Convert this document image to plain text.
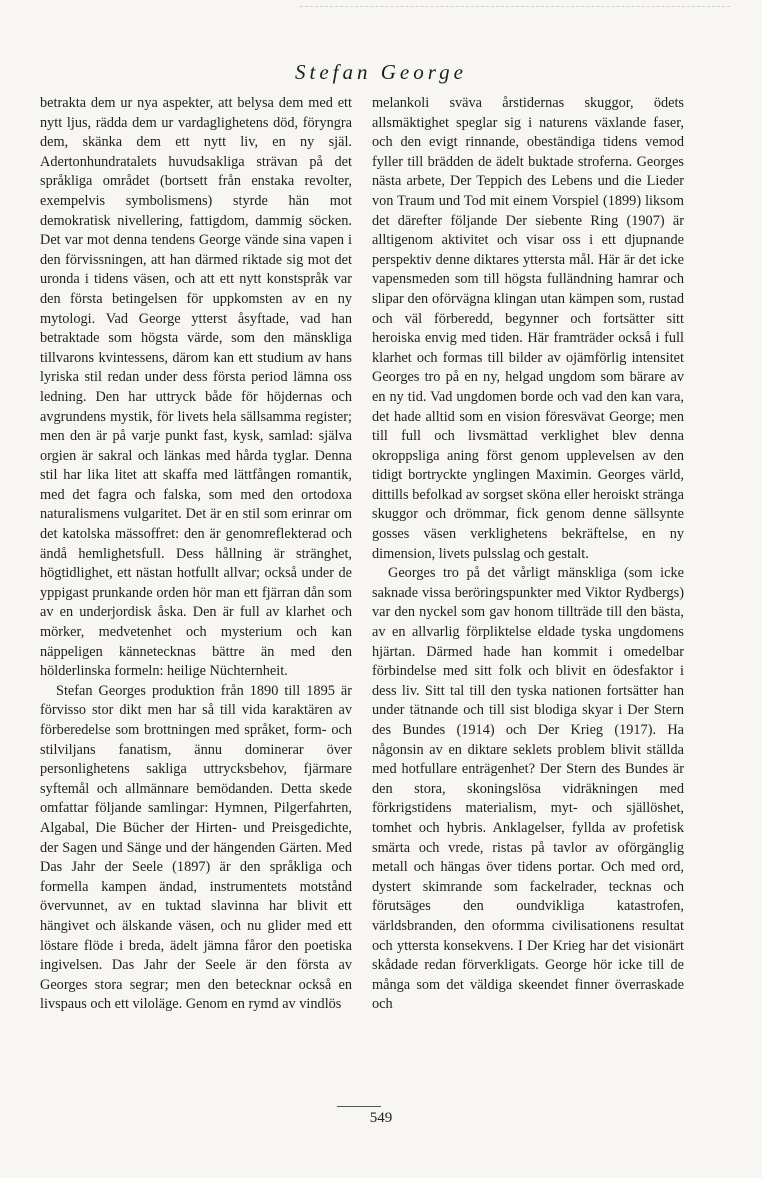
Stefan George

betrakta dem ur nya aspekter, att belysa dem med ett nytt ljus, rädda dem ur vardaglighetens död, föryngra dem, skänka dem ett nytt liv, en ny själ. Adertonhundratalets huvudsakliga strävan på det språkliga området (bortsett från enstaka revolter, exempelvis symbolismens) styrde hän mot demokratisk nivellering, fattigdom, dammig söcken. Det var mot denna tendens George vände sina vapen i den förvissningen, att han därmed riktade sig mot det uronda i tidens väsen, och att ett nytt konstspråk var den första betingelsen för uppkomsten av en ny mytologi. Vad George ytterst åsyftade, vad han betraktade som högsta värde, som den mänskliga tillvarons kvintessens, därom kan ett studium av hans lyriska stil redan under dess första period lämna oss ledning. Den har uttryck både för höjdernas och avgrundens mystik, för livets hela sällsamma register; men den är på varje punkt fast, kysk, samlad: själva orgien är sakral och länkas med hårda tyglar. Denna stil har lika litet att skaffa med lättfången romantik, med det fagra och falska, som med den ortodoxa naturalismens vulgaritet. Det är en stil som erinrar om det katolska mässoffret: den är genomreflekterad och ändå hemlighetsfull. Dess hållning är stränghet, högtidlighet, ett nästan hotfullt allvar; också under de yppigast prunkande orden hör man ett fjärran dån som av en underjordisk åska. Den är full av klarhet och mörker, medvetenhet och mysterium och kan näppeligen kännetecknas bättre än med den hölderlinska formeln: heilige Nüchternheit.

Stefan Georges produktion från 1890 till 1895 är förvisso stor dikt men har så till vida karaktären av förberedelse som brottningen med språket, form- och stilviljans fanatism, ännu dominerar över personlighetens sakliga uttrycksbehov, fjärmare syftemål och allmännare bemödanden. Detta skede omfattar följande samlingar: Hymnen, Pilgerfahrten, Algabal, Die Bücher der Hirten- und Preisgedichte, der Sagen und Sänge und der hängenden Gärten. Med Das Jahr der Seele (1897) är den språkliga och formella kampen ändad, instrumentets motstånd övervunnet, av en tuktad slavinna har blivit ett hängivet och älskande väsen, och nu glider med ett löstare flöde i breda, ädelt jämna fåror den poetiska ingivelsen. Das Jahr der Seele är den första av Georges stora segrar; men den betecknar också en livspaus och ett viloläge. Genom en rymd av vindlös

melankoli sväva årstidernas skuggor, ödets allsmäktighet speglar sig i naturens växlande faser, och den evigt rinnande, obeständiga tidens vemod fyller till brädden de ädelt buktade stroferna. Georges nästa arbete, Der Teppich des Lebens und die Lieder von Traum und Tod mit einem Vorspiel (1899) liksom det därefter följande Der siebente Ring (1907) är alltigenom aktivitet och visar oss i ett djupnande perspektiv denne diktares yttersta mål. Här är det icke vapensmeden som till högsta fulländning hamrar och slipar den oförvägna klingan utan kämpen som, rustad och väl förberedd, begynner och fortsätter sitt heroiska envig med tiden. Här framträder också i full klarhet och formas till bilder av ojämförlig intensitet Georges tro på en ny, helgad ungdom som bärare av en ny tid. Vad ungdomen borde och vad den kan vara, det hade alltid som en vision föresvävat George; men till full och livsmättad verklighet blev denna okroppsliga aning först genom upplevelsen av den tidigt bortryckte ynglingen Maximin. Georges värld, dittills befolkad av sorgset sköna eller heroiskt stränga skuggor och drömmar, fick genom denne sällsynte gosses väsen verklighetens bekräftelse, en ny dimension, livets pulsslag och gestalt.

Georges tro på det vårligt mänskliga (som icke saknade vissa beröringspunkter med Viktor Rydbergs) var den nyckel som gav honom tillträde till den bästa, av en allvarlig förpliktelse eldade tyska ungdomens hjärtan. Därmed hade han kommit i omedelbar förbindelse med sitt folk och blivit en ödesfaktor i dess liv. Sitt tal till den tyska nationen fortsätter han under tätnande och till sist blodiga skyar i Der Stern des Bundes (1914) och Der Krieg (1917). Ha någonsin av en diktare seklets problem blivit ställda med hotfullare enträgenhet? Der Stern des Bundes är den stora, skoningslösa vidräkningen med förkrigstidens materialism, myt- och själlöshet, tomhet och hybris. Anklagelser, fyllda av profetisk smärta och vrede, ristas på tavlor av oförgänglig metall och hängas över tidens portar. Och med ord, dystert skimrande som fackelrader, tecknas och förutsäges den oundvikliga katastrofen, världsbranden, den oformma civilisationens resultat och yttersta konsekvens. I Der Krieg har det visionärt skådade redan förverkligats. George hör icke till de många som det väldiga skeendet finner överraskade och

549
